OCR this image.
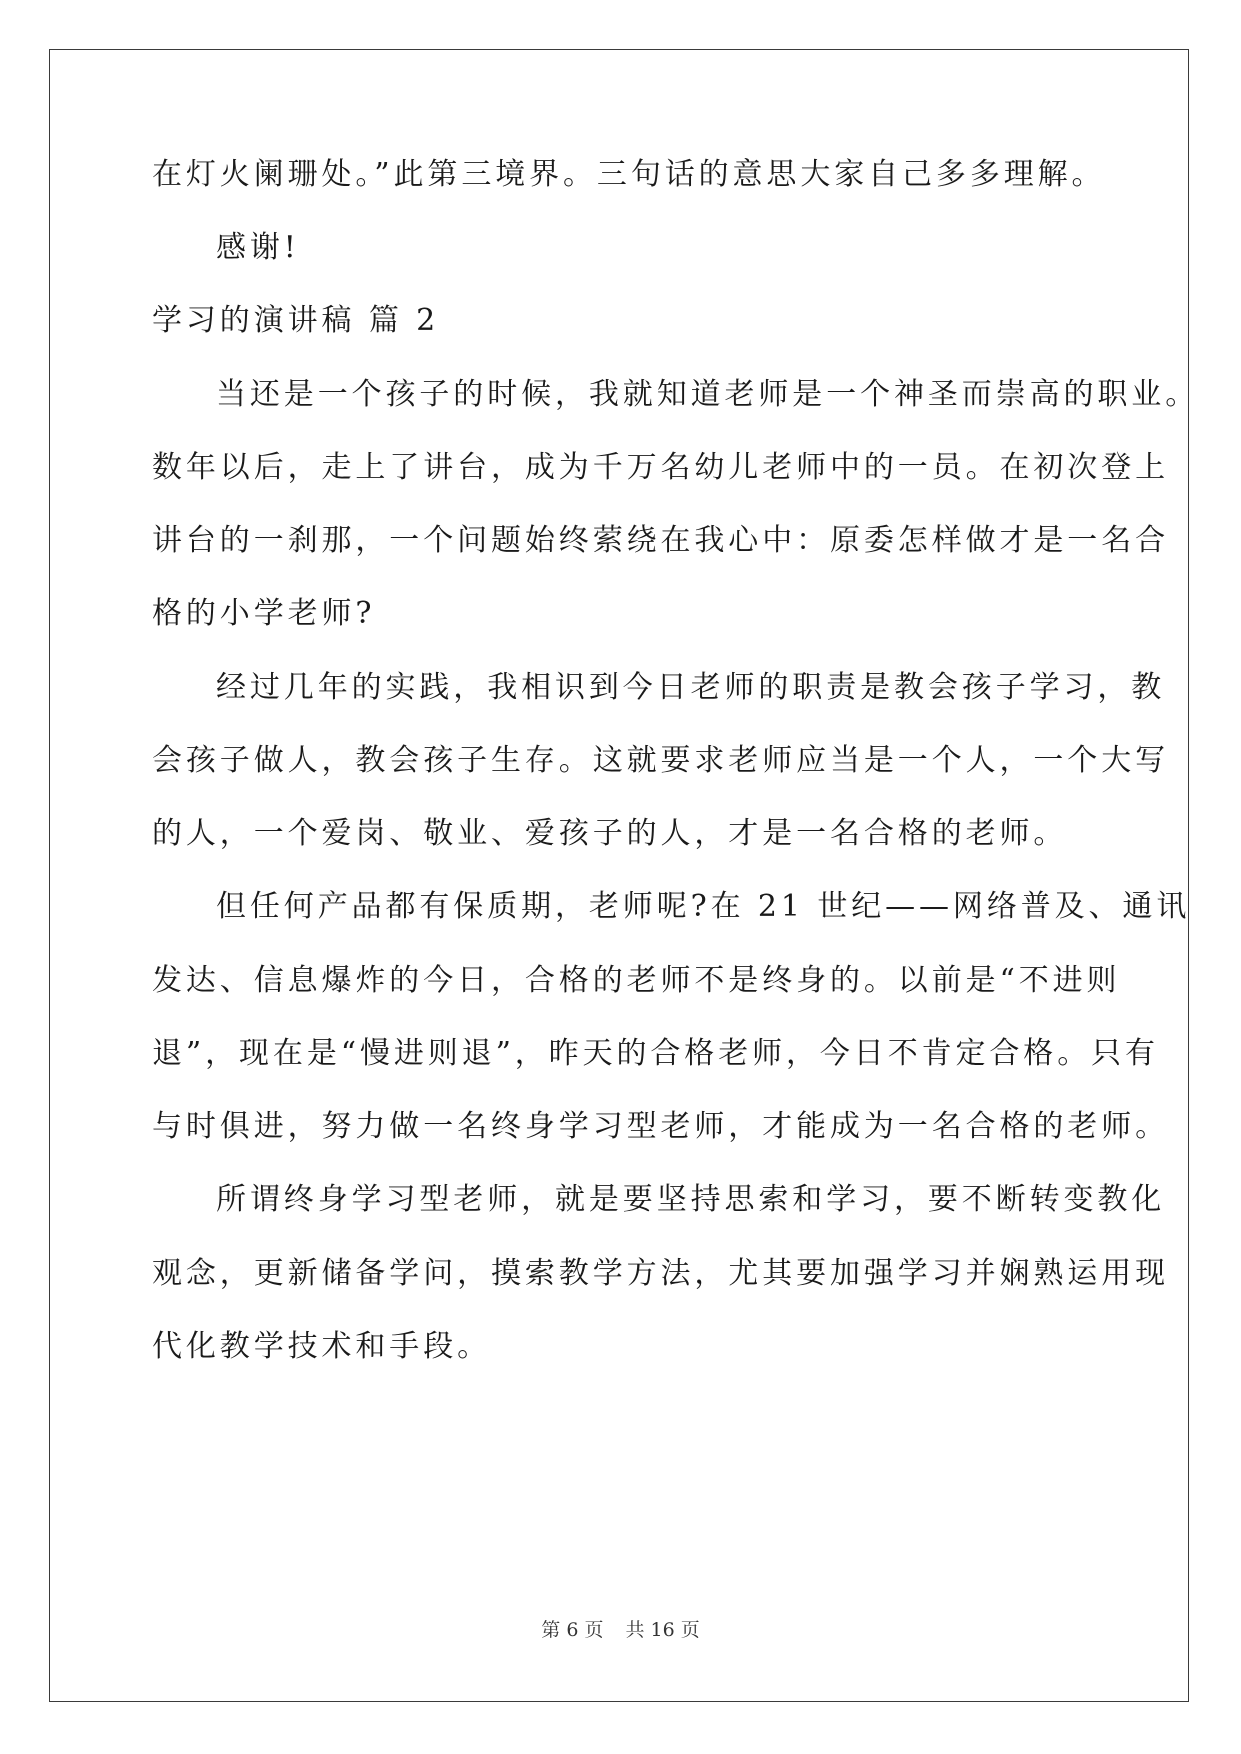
在灯火阑珊处。”此第三境界。三句话的意思大家自己多多理解。
感谢!
学习的演讲稿 篇 2
当还是一个孩子的时候，我就知道老师是一个神圣而崇高的职业。
数年以后，走上了讲台，成为千万名幼儿老师中的一员。在初次登上
讲台的一刹那，一个问题始终萦绕在我心中：原委怎样做才是一名合
格的小学老师?
经过几年的实践，我相识到今日老师的职责是教会孩子学习，教
会孩子做人，教会孩子生存。这就要求老师应当是一个人，一个大写
的人，一个爱岗、敬业、爱孩子的人，才是一名合格的老师。
但任何产品都有保质期，老师呢?在 21 世纪——网络普及、通讯
发达、信息爆炸的今日，合格的老师不是终身的。以前是“不进则
退”，现在是“慢进则退”，昨天的合格老师，今日不肯定合格。只有
与时俱进，努力做一名终身学习型老师，才能成为一名合格的老师。
所谓终身学习型老师，就是要坚持思索和学习，要不断转变教化
观念，更新储备学问，摸索教学方法，尤其要加强学习并娴熟运用现
代化教学技术和手段。
第 6 页 共 16 页
